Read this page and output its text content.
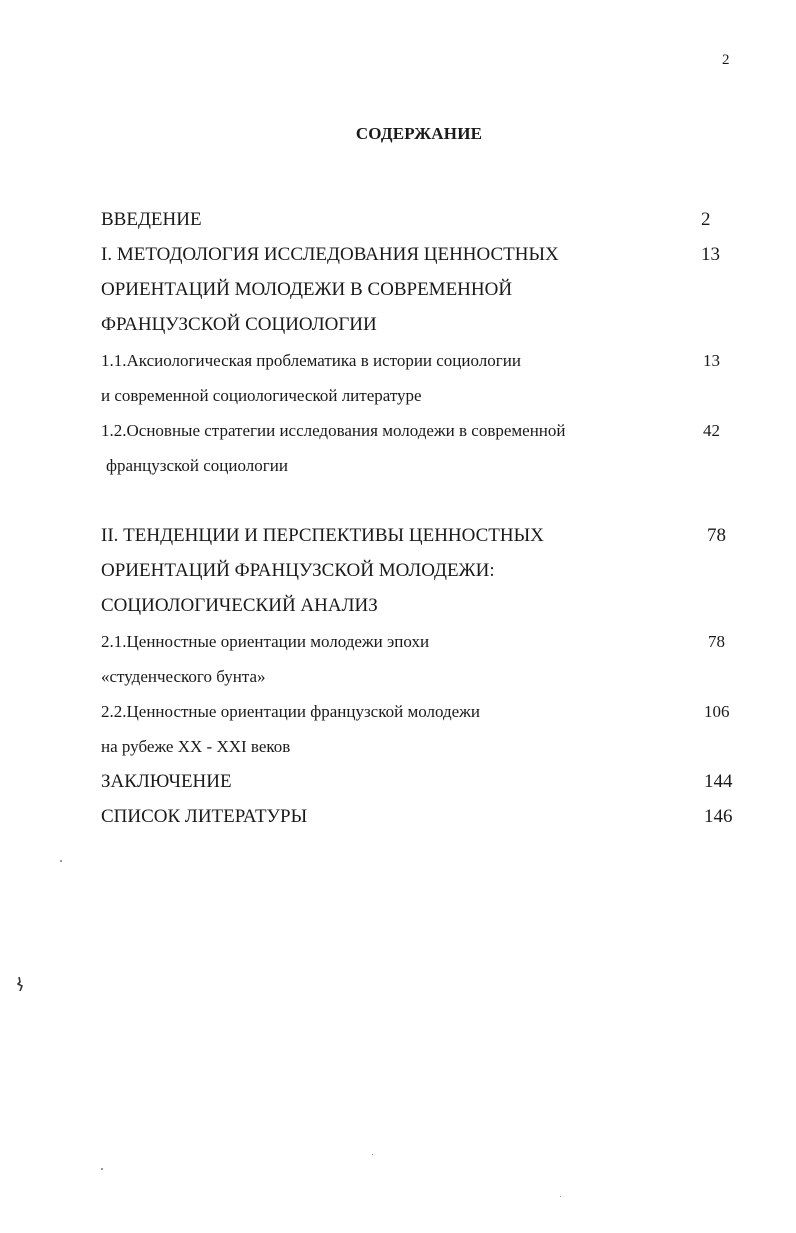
2
СОДЕРЖАНИЕ
ВВЕДЕНИЕ	2
I. МЕТОДОЛОГИЯ ИССЛЕДОВАНИЯ ЦЕННОСТНЫХ	13
ОРИЕНТАЦИЙ МОЛОДЕЖИ В СОВРЕМЕННОЙ
ФРАНЦУЗСКОЙ СОЦИОЛОГИИ
1.1.Аксиологическая проблематика в истории социологии	13
и современной социологической литературе
1.2.Основные стратегии исследования молодежи в современной	42
французской социологии
II. ТЕНДЕНЦИИ И ПЕРСПЕКТИВЫ ЦЕННОСТНЫХ	78
ОРИЕНТАЦИЙ ФРАНЦУЗСКОЙ МОЛОДЕЖИ:
СОЦИОЛОГИЧЕСКИЙ АНАЛИЗ
2.1.Ценностные ориентации молодежи эпохи	78
«студенческого бунта»
2.2.Ценностные ориентации французской молодежи	106
на рубеже XX - XXI веков
ЗАКЛЮЧЕНИЕ	144
СПИСОК ЛИТЕРАТУРЫ	146
